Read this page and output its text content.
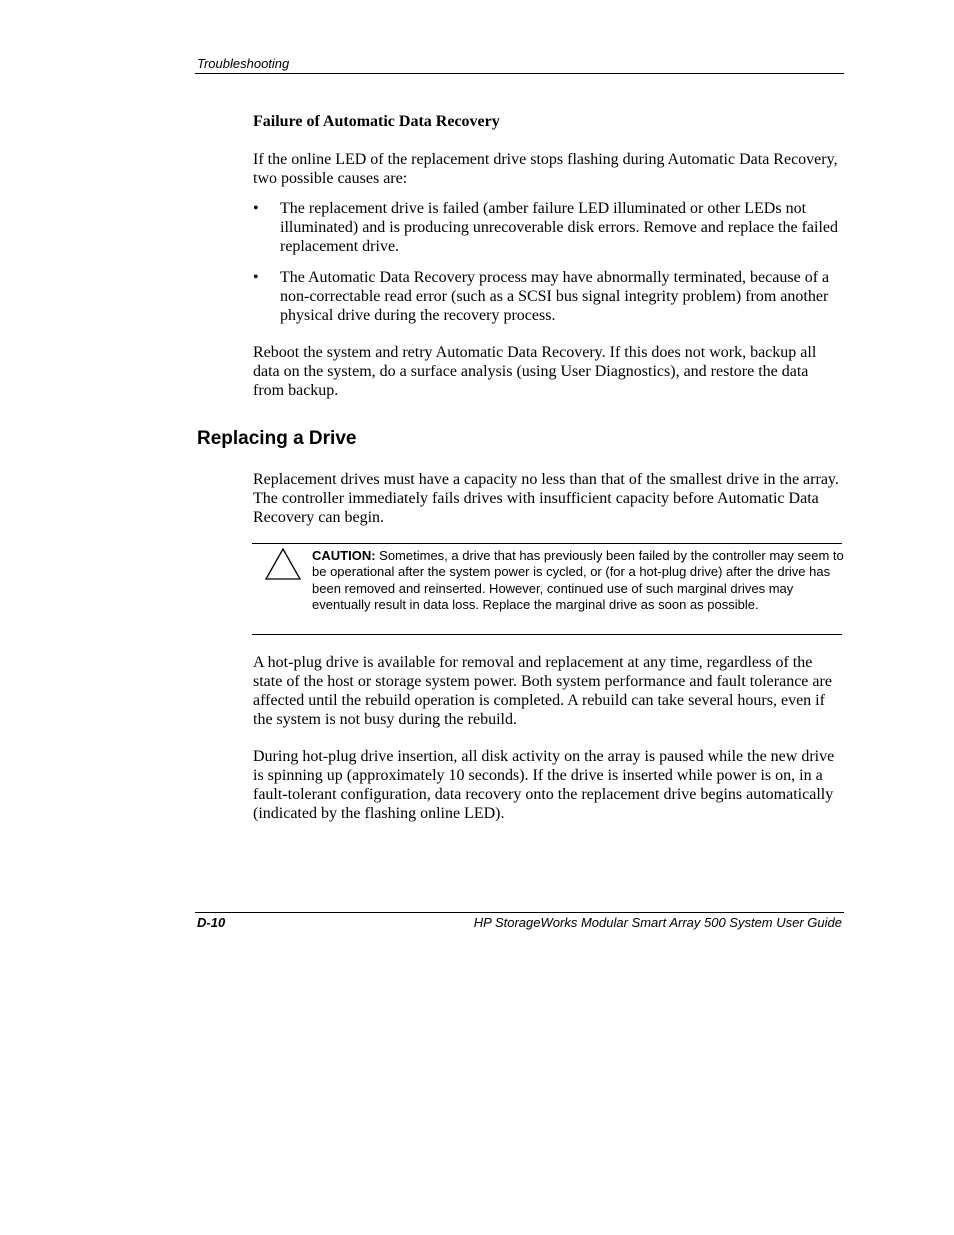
Troubleshooting
Failure of Automatic Data Recovery

If the online LED of the replacement drive stops flashing during Automatic Data Recovery, two possible causes are:

• The replacement drive is failed (amber failure LED illuminated or other LEDs not illuminated) and is producing unrecoverable disk errors. Remove and replace the failed replacement drive.
• The Automatic Data Recovery process may have abnormally terminated, because of a non-correctable read error (such as a SCSI bus signal integrity problem) from another physical drive during the recovery process.

Reboot the system and retry Automatic Data Recovery. If this does not work, backup all data on the system, do a surface analysis (using User Diagnostics), and restore the data from backup.

Replacing a Drive

Replacement drives must have a capacity no less than that of the smallest drive in the array. The controller immediately fails drives with insufficient capacity before Automatic Data Recovery can begin.

CAUTION: Sometimes, a drive that has previously been failed by the controller may seem to be operational after the system power is cycled, or (for a hot-plug drive) after the drive has been removed and reinserted. However, continued use of such marginal drives may eventually result in data loss. Replace the marginal drive as soon as possible.

A hot-plug drive is available for removal and replacement at any time, regardless of the state of the host or storage system power. Both system performance and fault tolerance are affected until the rebuild operation is completed. A rebuild can take several hours, even if the system is not busy during the rebuild.

During hot-plug drive insertion, all disk activity on the array is paused while the new drive is spinning up (approximately 10 seconds). If the drive is inserted while power is on, in a fault-tolerant configuration, data recovery onto the replacement drive begins automatically (indicated by the flashing online LED).

D-10	HP StorageWorks Modular Smart Array 500 System User Guide
